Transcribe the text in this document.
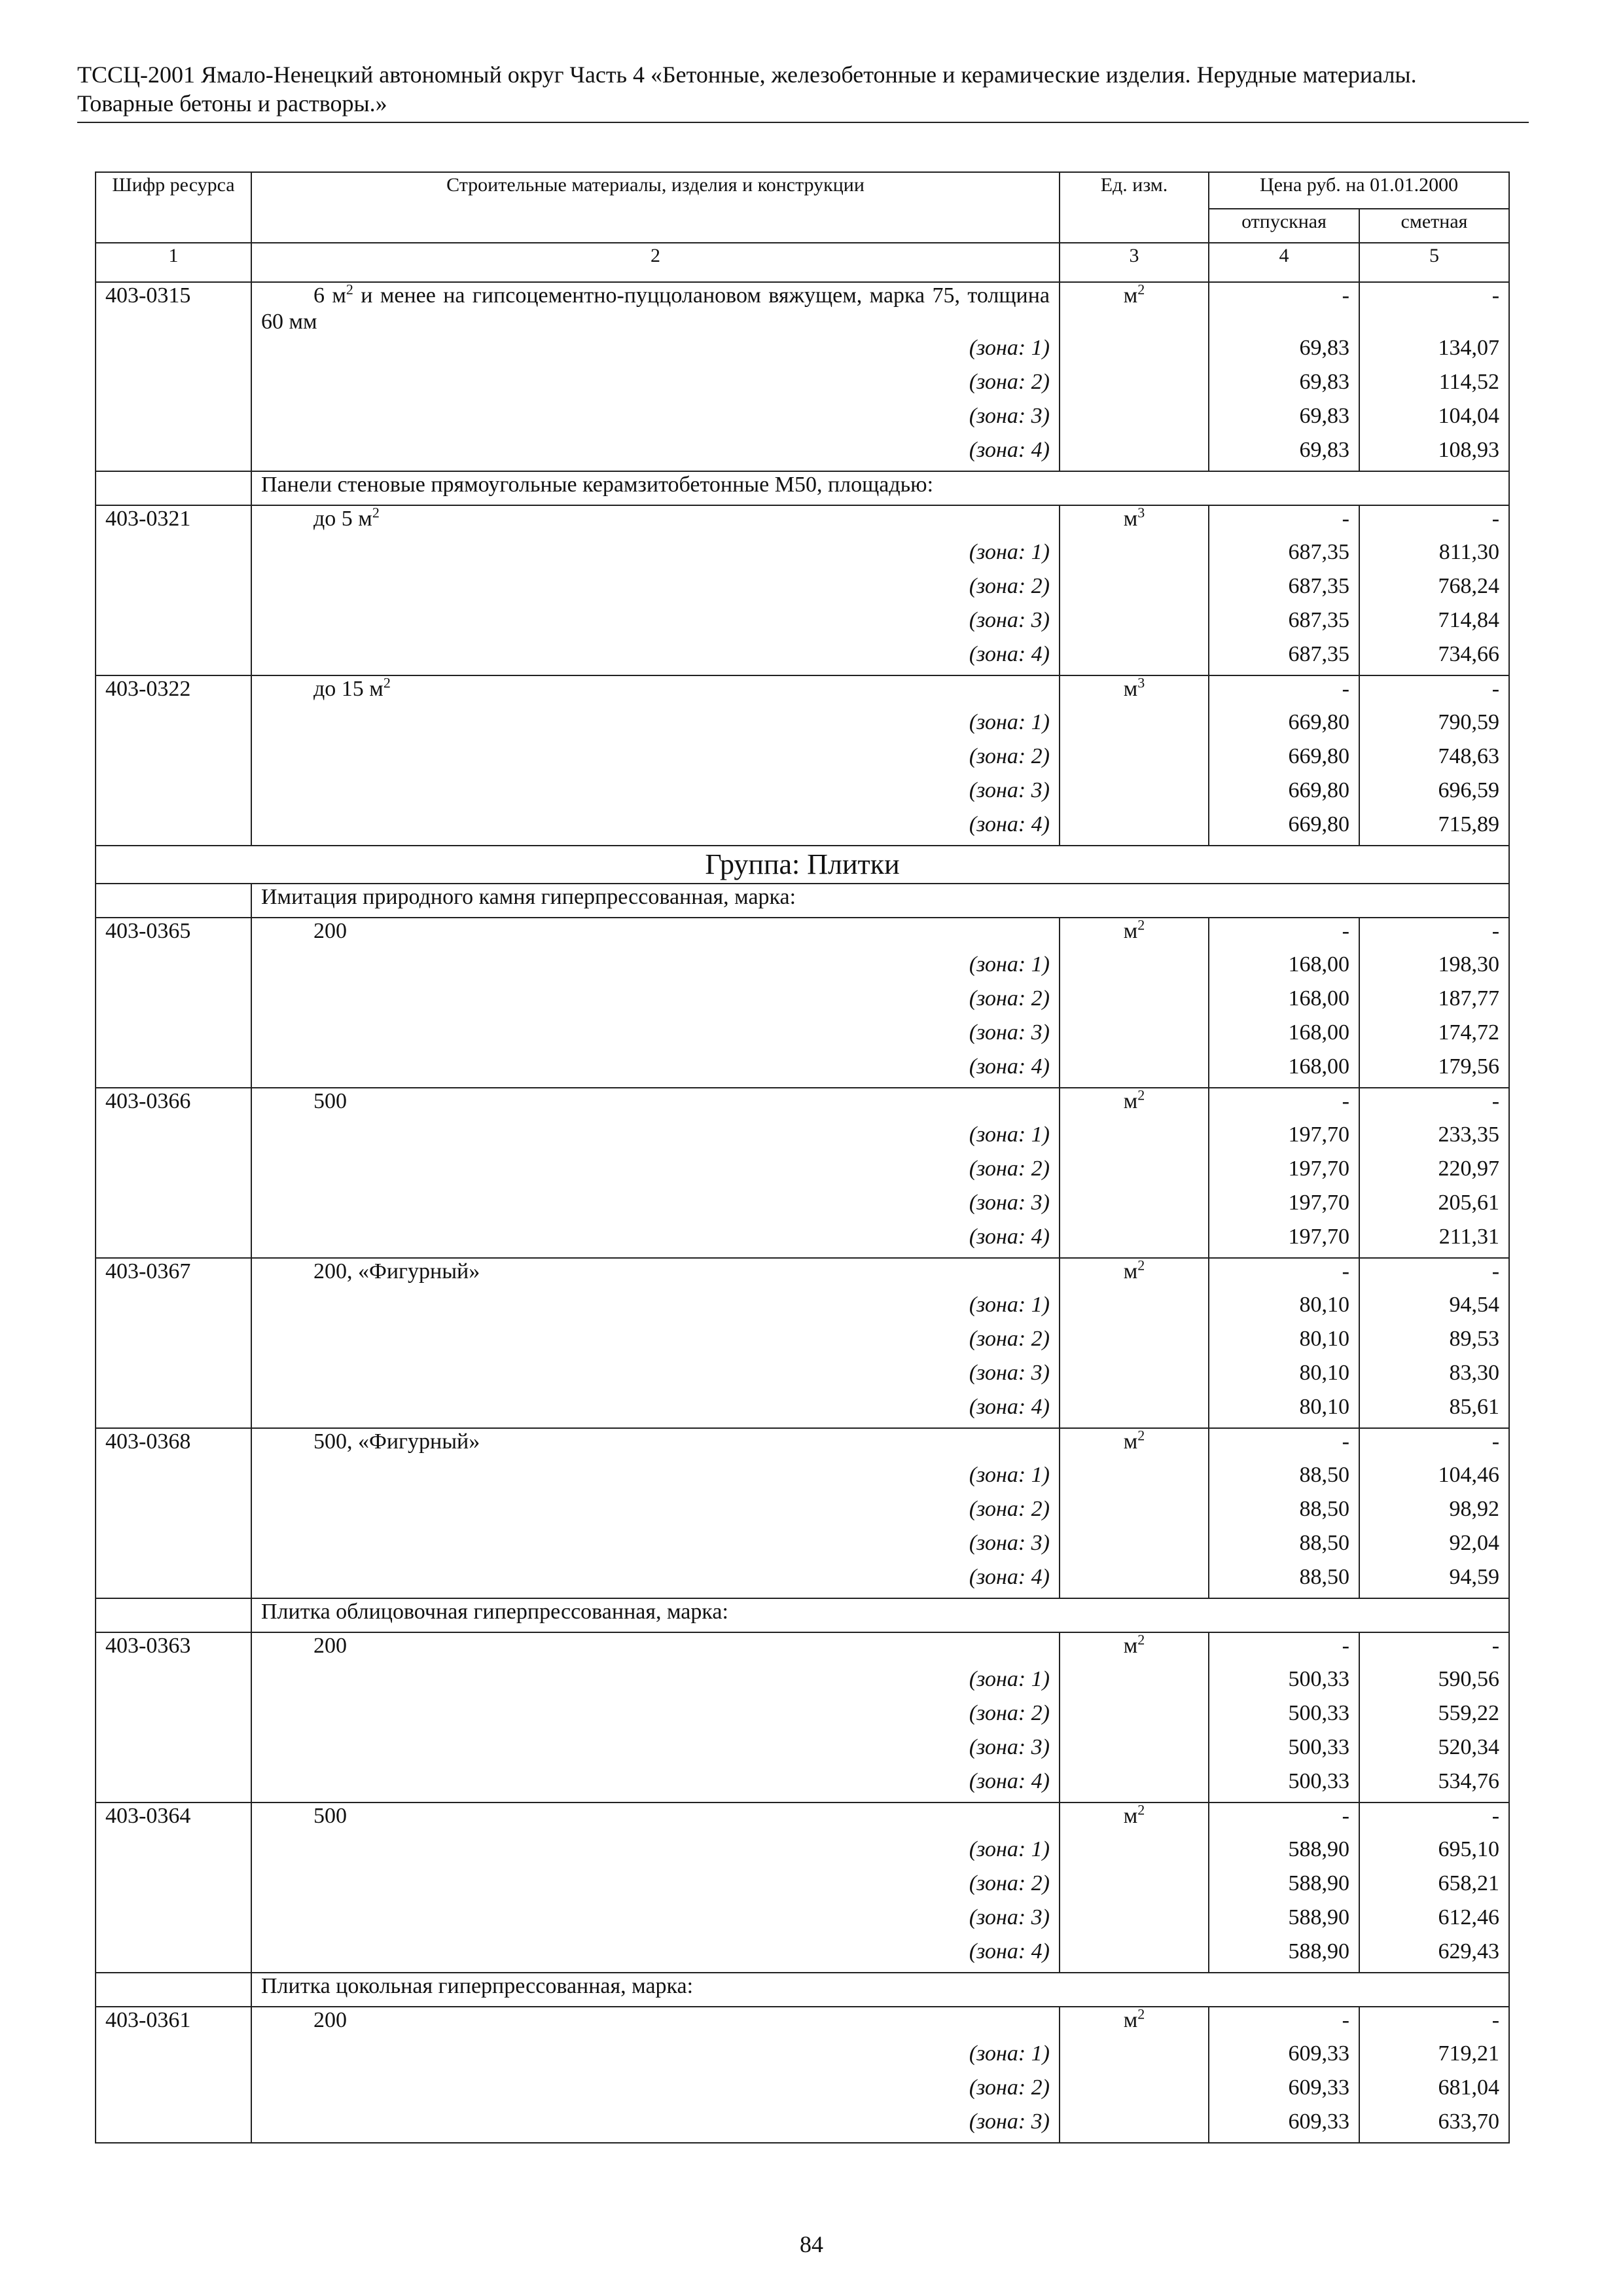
ТССЦ-2001 Ямало-Ненецкий автономный округ Часть 4 «Бетонные, железобетонные и керамические изделия. Нерудные материалы.
Товарные бетоны и растворы.»
Шифр ресурса	Строительные материалы, изделия и конструкции	Ед. изм.	Цена руб. на 01.01.2000	
			отпускная	сметная
1	2	3	4	5
403-0315	6 $м^2$ и менее на гипсоцементно-пуццолановом вяжущем, марка 75, толщина 60 мм	$м^2$	-	-
	(зона: 1)		69,83	134,07
	(зона: 2)		69,83	114,52
	(зона: 3)		69,83	104,04
	(зона: 4)		69,83	108,93
	Панели стеновые прямоугольные керамзитобетонные М50, площадью:			
403-0321	до 5 $м^2$	$м^3$	-	-
	(зона: 1)		687,35	811,30
	(зона: 2)		687,35	768,24
	(зона: 3)		687,35	714,84
	(зона: 4)		687,35	734,66
403-0322	до 15 $м^2$	$м^3$	-	-
	(зона: 1)		669,80	790,59
	(зона: 2)		669,80	748,63
	(зона: 3)		669,80	696,59
	(зона: 4)		669,80	715,89
Группа: Плитки				
	Имитация природного камня гиперпрессованная, марка:			
403-0365	200	$м^2$	-	-
	(зона: 1)		168,00	198,30
	(зона: 2)		168,00	187,77
	(зона: 3)		168,00	174,72
	(зона: 4)		168,00	179,56
403-0366	500	$м^2$	-	-
	(зона: 1)		197,70	233,35
	(зона: 2)		197,70	220,97
	(зона: 3)		197,70	205,61
	(зона: 4)		197,70	211,31
403-0367	200, «Фигурный»	$м^2$	-	-
	(зона: 1)		80,10	94,54
	(зона: 2)		80,10	89,53
	(зона: 3)		80,10	83,30
	(зона: 4)		80,10	85,61
403-0368	500, «Фигурный»	$м^2$	-	-
	(зона: 1)		88,50	104,46
	(зона: 2)		88,50	98,92
	(зона: 3)		88,50	92,04
	(зона: 4)		88,50	94,59
	Плитка облицовочная гиперпрессованная, марка:			
403-0363	200	$м^2$	-	-
	(зона: 1)		500,33	590,56
	(зона: 2)		500,33	559,22
	(зона: 3)		500,33	520,34
	(зона: 4)		500,33	534,76
403-0364	500	$м^2$	-	-
	(зона: 1)		588,90	695,10
	(зона: 2)		588,90	658,21
	(зона: 3)		588,90	612,46
	(зона: 4)		588,90	629,43
	Плитка цокольная гиперпрессованная, марка:			
403-0361	200	$м^2$	-	-
	(зона: 1)		609,33	719,21
	(зона: 2)		609,33	681,04
	(зона: 3)		609,33	633,70
84
